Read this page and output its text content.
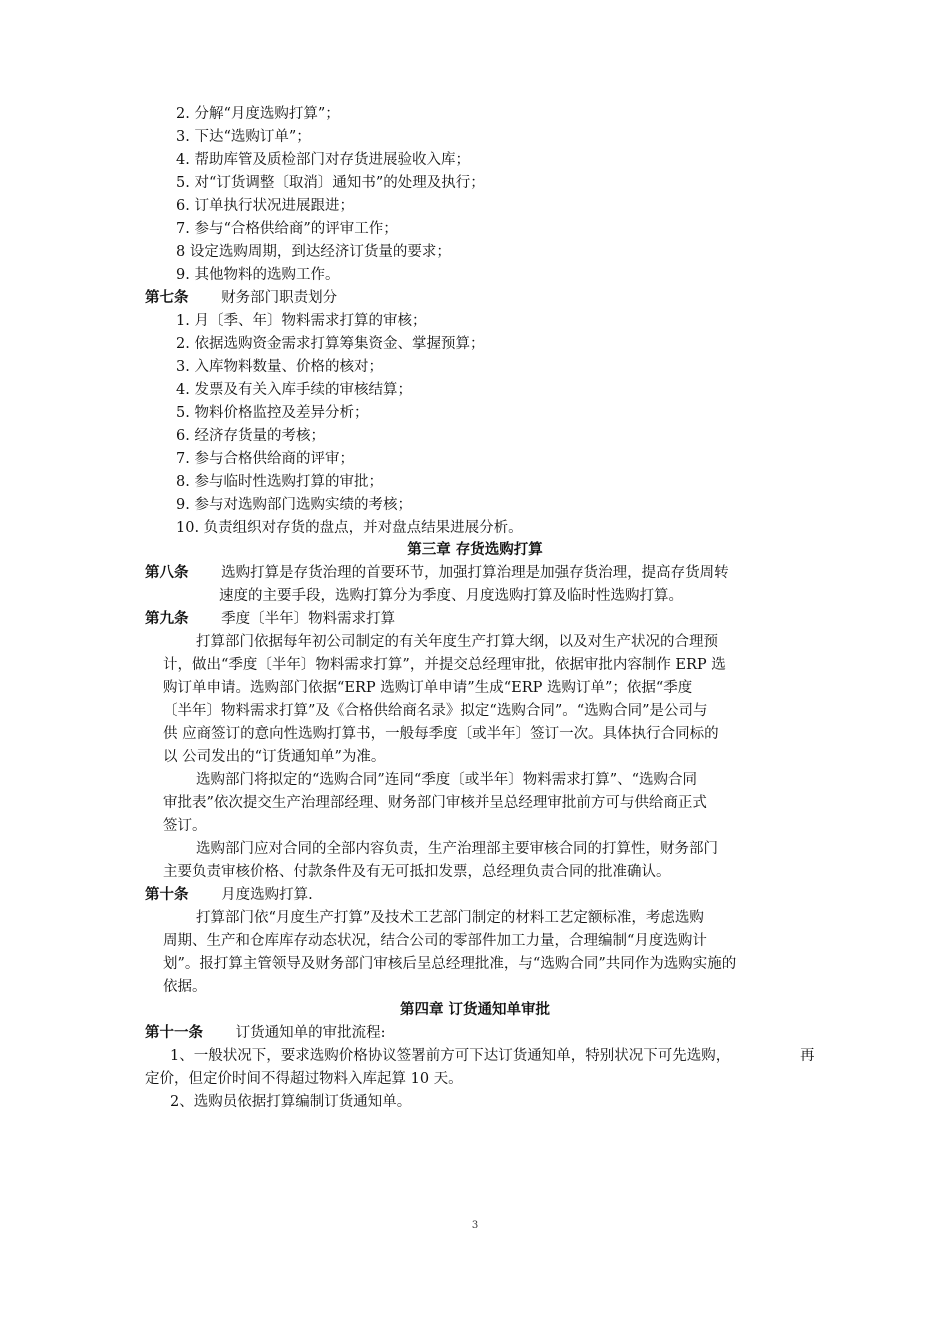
2. 分解“月度选购打算”；
3. 下达“选购订单”；
4. 帮助库管及质检部门对存货进展验收入库；
5. 对“订货调整〔取消〕通知书”的处理及执行；
6. 订单执行状况进展跟进；
7. 参与“合格供给商”的评审工作；
8 设定选购周期，到达经济订货量的要求；
9. 其他物料的选购工作。
第七条 财务部门职责划分
1. 月〔季、年〕物料需求打算的审核；
2. 依据选购资金需求打算筹集资金、掌握预算；
3. 入库物料数量、价格的核对；
4. 发票及有关入库手续的审核结算；
5. 物料价格监控及差异分析；
6. 经济存货量的考核；
7. 参与合格供给商的评审；
8. 参与临时性选购打算的审批；
9. 参与对选购部门选购实绩的考核；
10. 负责组织对存货的盘点，并对盘点结果进展分析。
第三章 存货选购打算
第八条 选购打算是存货治理的首要环节，加强打算治理是加强存货治理，提高存货周转
速度的主要手段，选购打算分为季度、月度选购打算及临时性选购打算。
第九条 季度〔半年〕物料需求打算
打算部门依据每年初公司制定的有关年度生产打算大纲，以及对生产状况的合理预
计，做出“季度〔半年〕物料需求打算”，并提交总经理审批，依据审批内容制作 ERP 选
购订单申请。选购部门依据“ERP 选购订单申请”生成“ERP 选购订单”；依据“季度
〔半年〕物料需求打算”及《合格供给商名录》拟定“选购合同”。“选购合同”是公司与
供 应商签订的意向性选购打算书，一般每季度〔或半年〕签订一次。具体执行合同标的
以 公司发出的“订货通知单”为准。
选购部门将拟定的“选购合同”连同“季度〔或半年〕物料需求打算”、“选购合同
审批表”依次提交生产治理部经理、财务部门审核并呈总经理审批前方可与供给商正式
签订。
选购部门应对合同的全部内容负责，生产治理部主要审核合同的打算性，财务部门
主要负责审核价格、付款条件及有无可抵扣发票，总经理负责合同的批准确认。
第十条 月度选购打算.
打算部门依“月度生产打算”及技术工艺部门制定的材料工艺定额标准，考虑选购
周期、生产和仓库库存动态状况，结合公司的零部件加工力量，合理编制“月度选购计
划”。报打算主管领导及财务部门审核后呈总经理批准，与“选购合同”共同作为选购实施的
依据。
第四章 订货通知单审批
第十一条 订货通知单的审批流程:
1、一般状况下，要求选购价格协议签署前方可下达订货通知单，特别状况下可先选购，	再
定价，但定价时间不得超过物料入库起算 10 天。
2、选购员依据打算编制订货通知单。
3
